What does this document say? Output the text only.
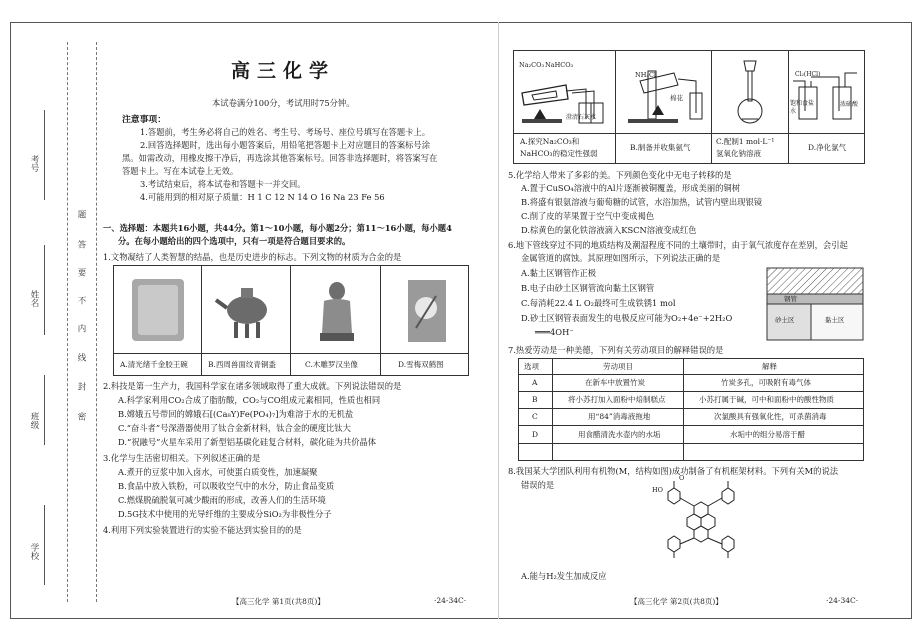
考号
姓名
班级
学校
题
答
要
不
内
线
封
密
高三化学
本试卷满分100分，考试用时75分钟。
注意事项：
1.答题前，考生务必将自己的姓名、考生号、考场号、座位号填写在答题卡上。
2.回答选择题时，选出每小题答案后，用铅笔把答题卡上对应题目的答案标号涂
黑。如需改动，用橡皮擦干净后，再选涂其他答案标号。回答非选择题时，将答案写在
答题卡上。写在本试卷上无效。
3.考试结束后，将本试卷和答题卡一并交回。
4.可能用到的相对原子质量：H 1 C 12 N 14 O 16 Na 23 Fe 56
一、选择题：本题共16小题，共44分。第1～10小题，每小题2分；第11～16小题，每小题4
分。在每小题给出的四个选项中，只有一项是符合题目要求的。
1.文物凝结了人类智慧的结晶，也是历史进步的标志。下列文物的材质为合金的是
A.清光绪千金胶王碗	B.西周兽面纹青铜盉	C.木雕罗汉坐像	D.雪梅双鹤图
2.科技是第一生产力，我国科学家在诸多领域取得了重大成就。下列说法错误的是
A.科学家利用CO₂合成了脂肪酸，CO₂与CO组成元素相同，性质也相同
B.嫦娥五号带回的嫦娥石[(Ca₈Y)Fe(PO₄)₇]为难溶于水的无机盐
C.“奋斗者”号深潜器使用了钛合金新材料，钛合金的硬度比钛大
D.“祝融号”火星车采用了新型铝基碳化硅复合材料，碳化硅为共价晶体
3.化学与生活密切相关。下列叙述正确的是
A.煮开的豆浆中加入卤水，可使蛋白质变性，加速凝聚
B.食品中放入铁粉，可以吸收空气中的水分，防止食品变质
C.燃煤脱硫脱氧可减少酸雨的形成，改善人们的生活环境
D.5G技术中使用的光导纤维的主要成分SiO₂为非极性分子
4.利用下列实验装置进行的实验不能达到实验目的的是
【高三化学 第1页(共8页)】	·24-34C·
Na₂CO₃ NaHCO₃
澄清石灰水
NH₄Cl
棉花
Cl₂(HCl)
饱和食盐水
浓硫酸
A.探究Na₂CO₃和
NaHCO₃的稳定性强弱
B.制备并收集氨气
C.配制1 mol·L⁻¹
氢氧化钠溶液
D.净化氯气
5.化学给人带来了多彩的美。下列颜色变化中无电子转移的是
A.置于CuSO₄溶液中的Al片逐渐被铜覆盖，形成美丽的铜树
B.将盛有银氨溶液与葡萄糖的试管，水浴加热，试管内壁出现银镜
C.削了皮的苹果置于空气中变成褐色
D.棕黄色的氯化铁溶液滴入KSCN溶液变成红色
6.地下管线穿过不同的地质结构及潮湿程度不同的土壤带时，由于氧气浓度存在差别，会引起
金属管道的腐蚀。其原理如图所示，下列说法正确的是
A.黏土区钢管作正极
B.电子由砂土区钢管流向黏土区钢管
C.每消耗22.4 L O₂最终可生成铁锈1 mol
D.砂土区钢管表面发生的电极反应可能为O₂+4e⁻+2H₂O
═══4OH⁻
钢管
砂土区	黏土区
7.热爱劳动是一种美德，下列有关劳动项目的解释错误的是
选项	劳动项目	解释
A	在新车中放置竹炭	竹炭多孔，可吸附有毒气体
B	将小苏打加入面粉中焙制糕点	小苏打属于碱，可中和面粉中的酸性物质
C	用“84”消毒液拖地	次氯酸具有强氧化性，可杀菌消毒
D	用食醋清洗水壶内的水垢	水垢中的组分易溶于醋
8.我国某大学团队利用有机物(M，结构如图)成功制备了有机框架材料。下列有关M的说法
错误的是
O
HO
A.能与H₂发生加成反应
【高三化学 第2页(共8页)】	·24-34C·
